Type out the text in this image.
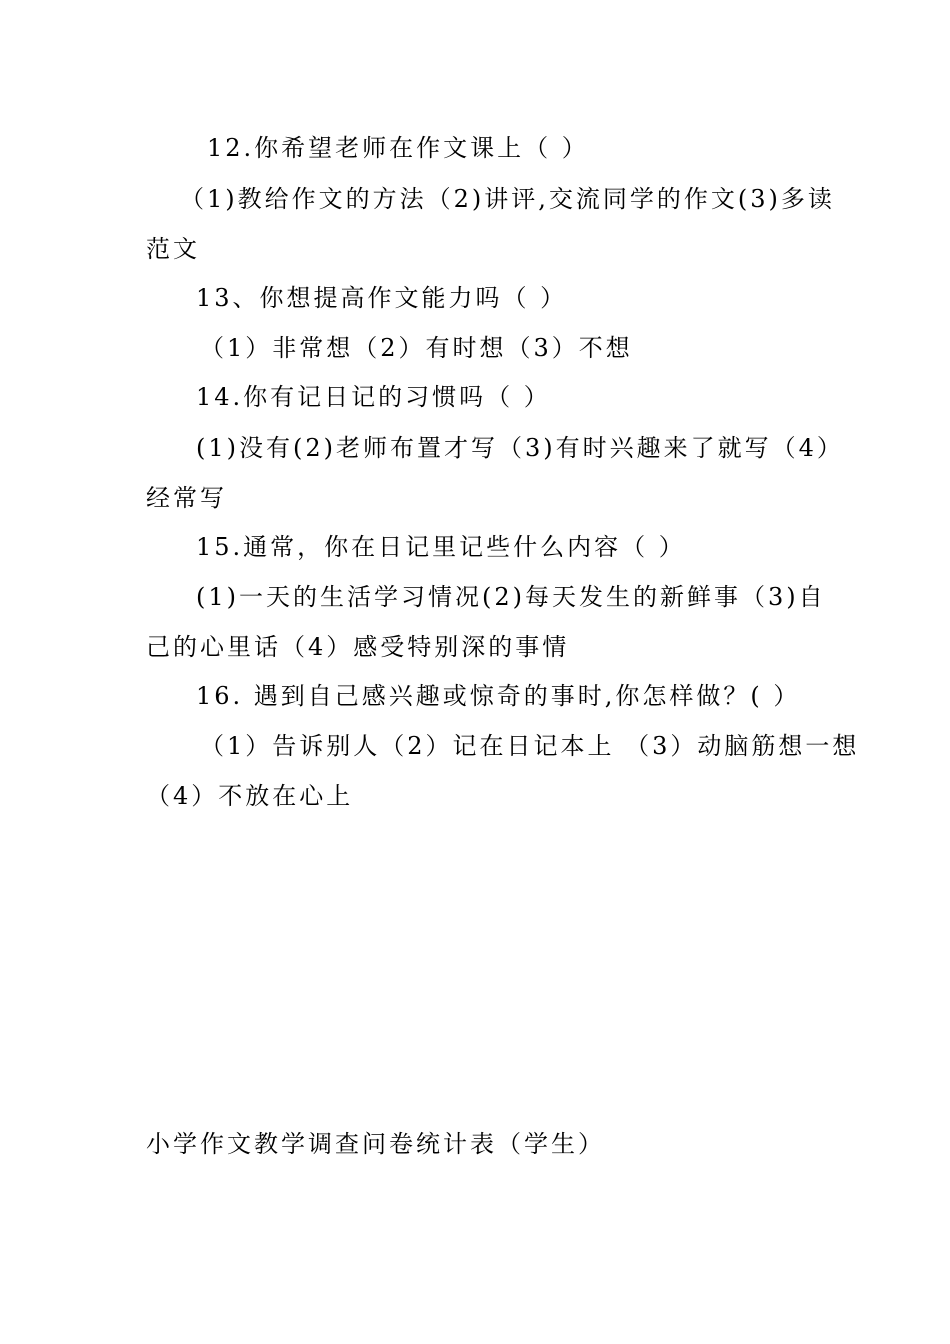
12.你希望老师在作文课上（ ）
（1)教给作文的方法（2)讲评,交流同学的作文(3)多读
范文
13、你想提高作文能力吗（ ）
（1）非常想（2）有时想（3）不想
14.你有记日记的习惯吗（ ）
(1)没有(2)老师布置才写（3)有时兴趣来了就写（4）
经常写
15.通常，你在日记里记些什么内容（ ）
(1)一天的生活学习情况(2)每天发生的新鲜事（3)自
己的心里话（4）感受特别深的事情
16. 遇到自己感兴趣或惊奇的事时,你怎样做？( ）
（1）告诉别人（2）记在日记本上 （3）动脑筋想一想
（4）不放在心上
小学作文教学调查问卷统计表（学生）
